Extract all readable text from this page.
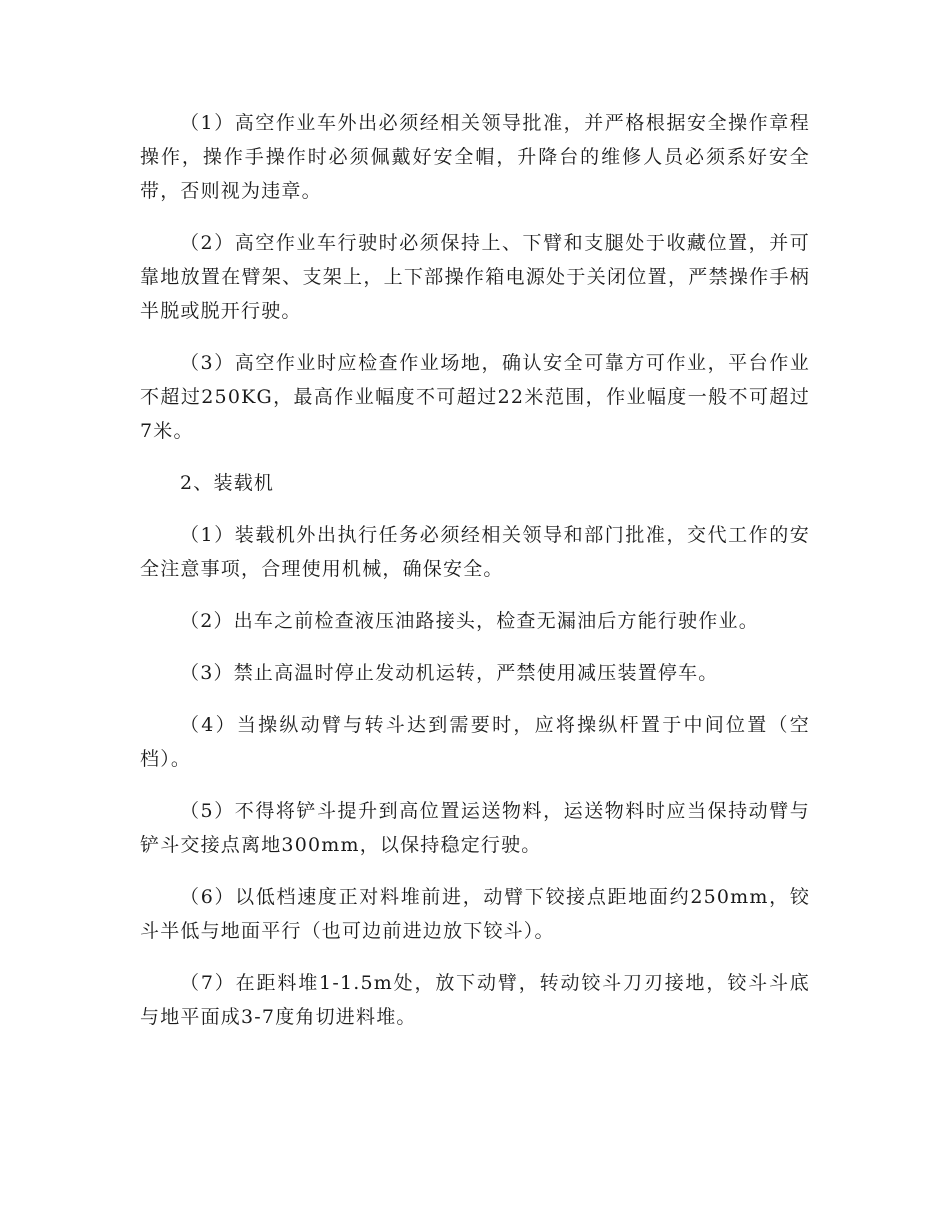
（1）高空作业车外出必须经相关领导批准，并严格根据安全操作章程操作，操作手操作时必须佩戴好安全帽，升降台的维修人员必须系好安全带，否则视为违章。

（2）高空作业车行驶时必须保持上、下臂和支腿处于收藏位置，并可靠地放置在臂架、支架上，上下部操作箱电源处于关闭位置，严禁操作手柄半脱或脱开行驶。

（3）高空作业时应检查作业场地，确认安全可靠方可作业，平台作业不超过250KG，最高作业幅度不可超过22米范围，作业幅度一般不可超过7米。

2、装载机

（1）装载机外出执行任务必须经相关领导和部门批准，交代工作的安全注意事项，合理使用机械，确保安全。

（2）出车之前检查液压油路接头，检查无漏油后方能行驶作业。

（3）禁止高温时停止发动机运转，严禁使用减压装置停车。

（4）当操纵动臂与转斗达到需要时，应将操纵杆置于中间位置（空档）。

（5）不得将铲斗提升到高位置运送物料，运送物料时应当保持动臂与铲斗交接点离地300mm，以保持稳定行驶。

（6）以低档速度正对料堆前进，动臂下铰接点距地面约250mm，铰斗半低与地面平行（也可边前进边放下铰斗）。

（7）在距料堆1-1.5m处，放下动臂，转动铰斗刀刃接地，铰斗斗底与地平面成3-7度角切进料堆。
